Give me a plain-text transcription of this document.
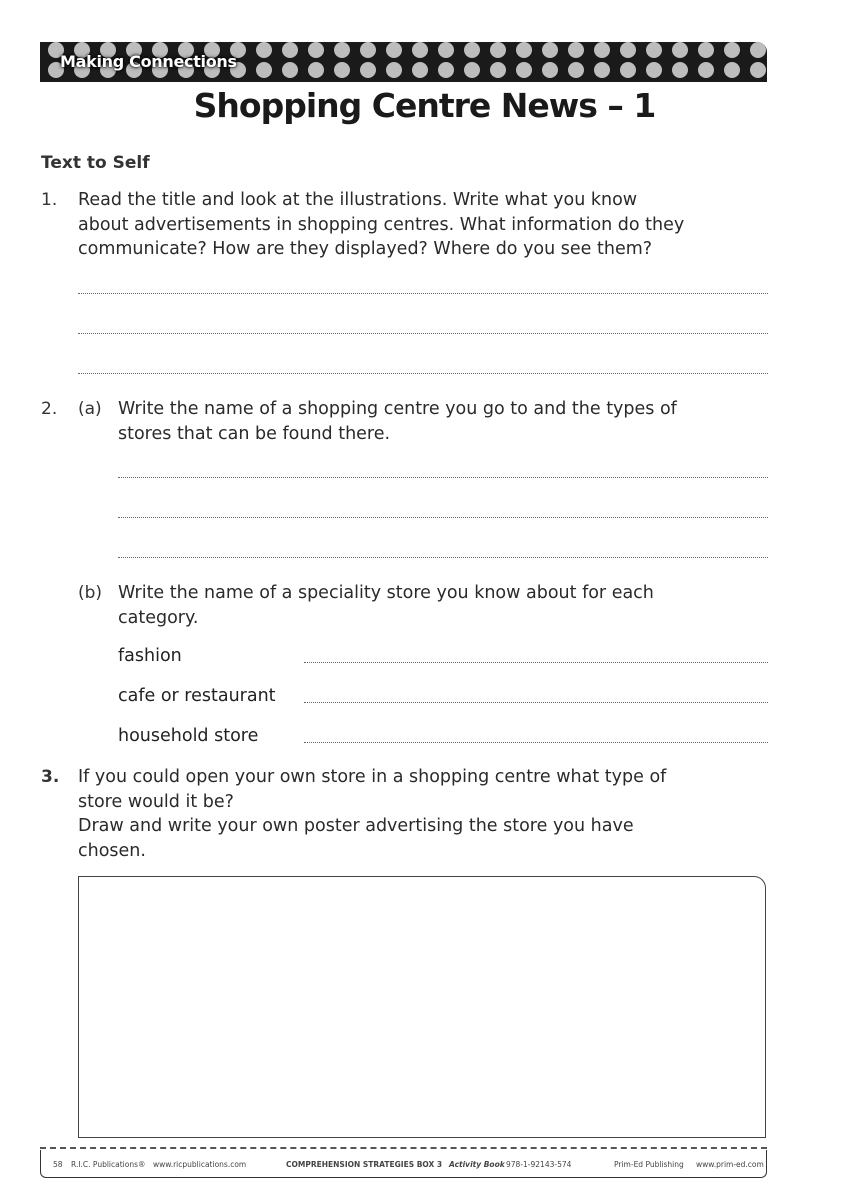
Making Connections
Shopping Centre News – 1
Text to Self
1. Read the title and look at the illustrations. Write what you know
about advertisements in shopping centres. What information do they
communicate? How are they displayed? Where do you see them?
2. (a) Write the name of a shopping centre you go to and the types of
stores that can be found there.
(b) Write the name of a speciality store you know about for each
category.
fashion
cafe or restaurant
household store
3. If you could open your own store in a shopping centre what type of
store would it be?
Draw and write your own poster advertising the store you have
chosen.
58 R.I.C. Publications® www.ricpublications.com	COMPREHENSION STRATEGIES BOX 3 Activity Book 978-1-92143-574	Prim-Ed Publishing www.prim-ed.com
